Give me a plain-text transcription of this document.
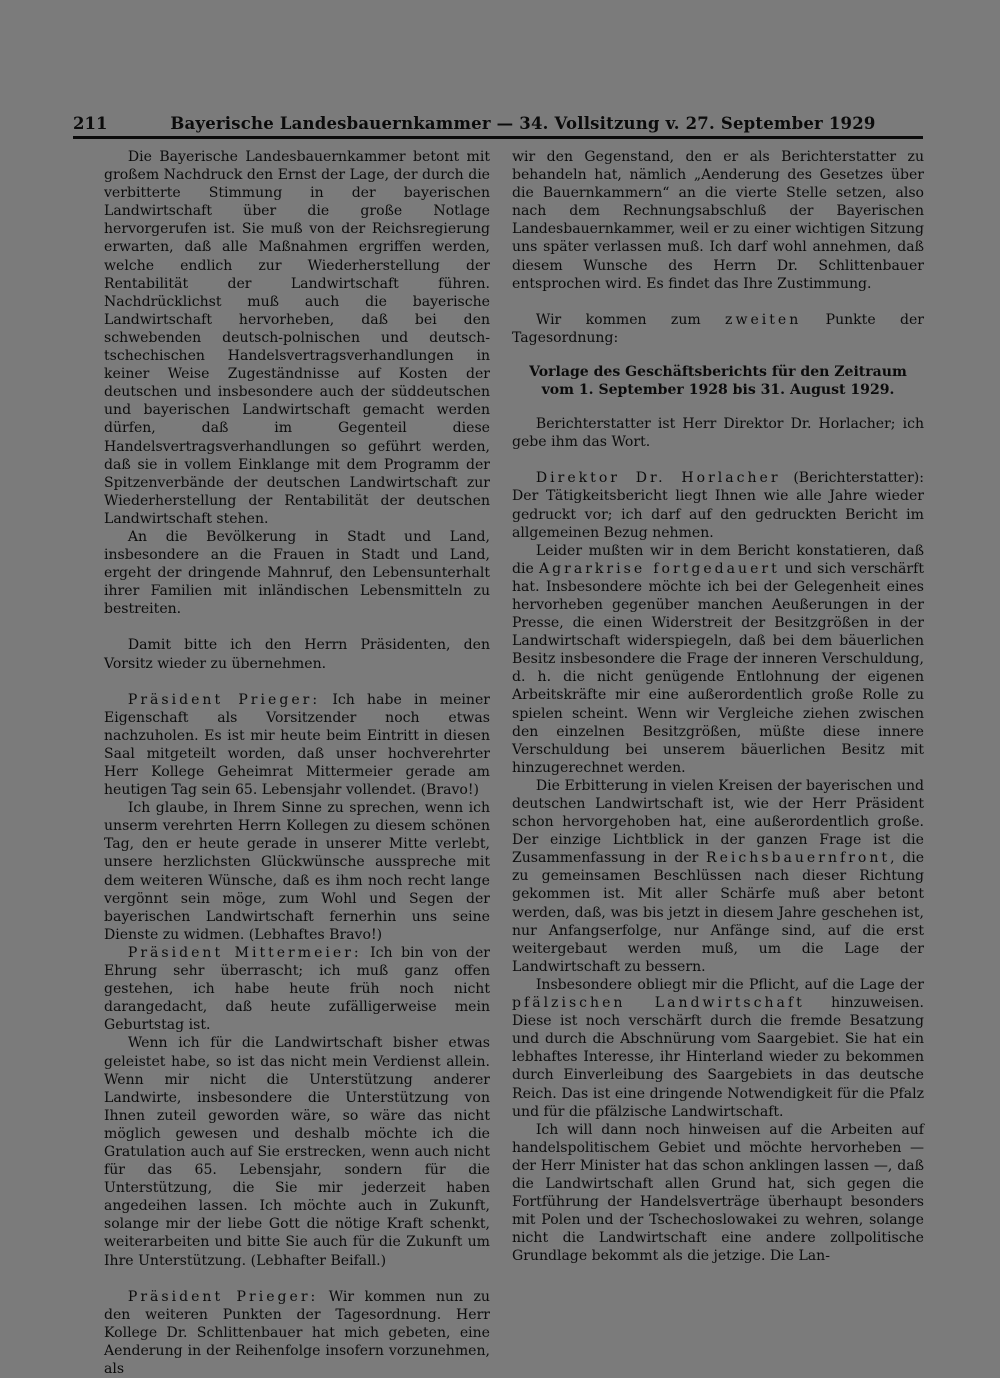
211	Bayerische Landesbauernkammer — 34. Vollsitzung v. 27. September 1929

Die Bayerische Landesbauernkammer betont mit großem Nachdruck den Ernst der Lage, der durch die verbitterte Stimmung in der bayerischen Landwirtschaft über die große Notlage hervorgerufen ist. Sie muß von der Reichsregierung erwarten, daß alle Maßnahmen ergriffen werden, welche endlich zur Wiederherstellung der Rentabilität der Landwirtschaft führen. Nachdrücklichst muß auch die bayerische Landwirtschaft hervorheben, daß bei den schwebenden deutsch-polnischen und deutsch-tschechischen Handelsvertragsverhandlungen in keiner Weise Zugeständnisse auf Kosten der deutschen und insbesondere auch der süddeutschen und bayerischen Landwirtschaft gemacht werden dürfen, daß im Gegenteil diese Handelsvertragsverhandlungen so geführt werden, daß sie in vollem Einklange mit dem Programm der Spitzenverbände der deutschen Landwirtschaft zur Wiederherstellung der Rentabilität der deutschen Landwirtschaft stehen.

An die Bevölkerung in Stadt und Land, insbesondere an die Frauen in Stadt und Land, ergeht der dringende Mahnruf, den Lebensunterhalt ihrer Familien mit inländischen Lebensmitteln zu bestreiten.

Damit bitte ich den Herrn Präsidenten, den Vorsitz wieder zu übernehmen.

Präsident Prieger: Ich habe in meiner Eigenschaft als Vorsitzender noch etwas nachzuholen. Es ist mir heute beim Eintritt in diesen Saal mitgeteilt worden, daß unser hochverehrter Herr Kollege Geheimrat Mittermeier gerade am heutigen Tag sein 65. Lebensjahr vollendet. (Bravo!)

Ich glaube, in Ihrem Sinne zu sprechen, wenn ich unserm verehrten Herrn Kollegen zu diesem schönen Tag, den er heute gerade in unserer Mitte verlebt, unsere herzlichsten Glückwünsche ausspreche mit dem weiteren Wünsche, daß es ihm noch recht lange vergönnt sein möge, zum Wohl und Segen der bayerischen Landwirtschaft fernerhin uns seine Dienste zu widmen. (Lebhaftes Bravo!)

Präsident Mittermeier: Ich bin von der Ehrung sehr überrascht; ich muß ganz offen gestehen, ich habe heute früh noch nicht darangedacht, daß heute zufälligerweise mein Geburtstag ist.

Wenn ich für die Landwirtschaft bisher etwas geleistet habe, so ist das nicht mein Verdienst allein. Wenn mir nicht die Unterstützung anderer Landwirte, insbesondere die Unterstützung von Ihnen zuteil geworden wäre, so wäre das nicht möglich gewesen und deshalb möchte ich die Gratulation auch auf Sie erstrecken, wenn auch nicht für das 65. Lebensjahr, sondern für die Unterstützung, die Sie mir jederzeit haben angedeihen lassen. Ich möchte auch in Zukunft, solange mir der liebe Gott die nötige Kraft schenkt, weiterarbeiten und bitte Sie auch für die Zukunft um Ihre Unterstützung. (Lebhafter Beifall.)

Präsident Prieger: Wir kommen nun zu den weiteren Punkten der Tagesordnung. Herr Kollege Dr. Schlittenbauer hat mich gebeten, eine Aenderung in der Reihenfolge insofern vorzunehmen, als

wir den Gegenstand, den er als Berichterstatter zu behandeln hat, nämlich „Aenderung des Gesetzes über die Bauernkammern“ an die vierte Stelle setzen, also nach dem Rechnungsabschluß der Bayerischen Landesbauernkammer, weil er zu einer wichtigen Sitzung uns später verlassen muß. Ich darf wohl annehmen, daß diesem Wunsche des Herrn Dr. Schlittenbauer entsprochen wird. Es findet das Ihre Zustimmung.

Wir kommen zum zweiten Punkte der Tagesordnung:

Vorlage des Geschäftsberichts für den Zeitraum vom 1. September 1928 bis 31. August 1929.

Berichterstatter ist Herr Direktor Dr. Horlacher; ich gebe ihm das Wort.

Direktor Dr. Horlacher (Berichterstatter): Der Tätigkeitsbericht liegt Ihnen wie alle Jahre wieder gedruckt vor; ich darf auf den gedruckten Bericht im allgemeinen Bezug nehmen.

Leider mußten wir in dem Bericht konstatieren, daß die Agrarkrise fortgedauert und sich verschärft hat. Insbesondere möchte ich bei der Gelegenheit eines hervorheben gegenüber manchen Aeußerungen in der Presse, die einen Widerstreit der Besitzgrößen in der Landwirtschaft widerspiegeln, daß bei dem bäuerlichen Besitz insbesondere die Frage der inneren Verschuldung, d. h. die nicht genügende Entlohnung der eigenen Arbeitskräfte mir eine außerordentlich große Rolle zu spielen scheint. Wenn wir Vergleiche ziehen zwischen den einzelnen Besitzgrößen, müßte diese innere Verschuldung bei unserem bäuerlichen Besitz mit hinzugerechnet werden.

Die Erbitterung in vielen Kreisen der bayerischen und deutschen Landwirtschaft ist, wie der Herr Präsident schon hervorgehoben hat, eine außerordentlich große. Der einzige Lichtblick in der ganzen Frage ist die Zusammenfassung in der Reichsbauernfront, die zu gemeinsamen Beschlüssen nach dieser Richtung gekommen ist. Mit aller Schärfe muß aber betont werden, daß, was bis jetzt in diesem Jahre geschehen ist, nur Anfangserfolge, nur Anfänge sind, auf die erst weitergebaut werden muß, um die Lage der Landwirtschaft zu bessern.

Insbesondere obliegt mir die Pflicht, auf die Lage der pfälzischen Landwirtschaft hinzuweisen. Diese ist noch verschärft durch die fremde Besatzung und durch die Abschnürung vom Saargebiet. Sie hat ein lebhaftes Interesse, ihr Hinterland wieder zu bekommen durch Einverleibung des Saargebiets in das deutsche Reich. Das ist eine dringende Notwendigkeit für die Pfalz und für die pfälzische Landwirtschaft.

Ich will dann noch hinweisen auf die Arbeiten auf handelspolitischem Gebiet und möchte hervorheben — der Herr Minister hat das schon anklingen lassen —, daß die Landwirtschaft allen Grund hat, sich gegen die Fortführung der Handelsverträge überhaupt besonders mit Polen und der Tschechoslowakei zu wehren, solange nicht die Landwirtschaft eine andere zollpolitische Grundlage bekommt als die jetzige. Die Lan-
